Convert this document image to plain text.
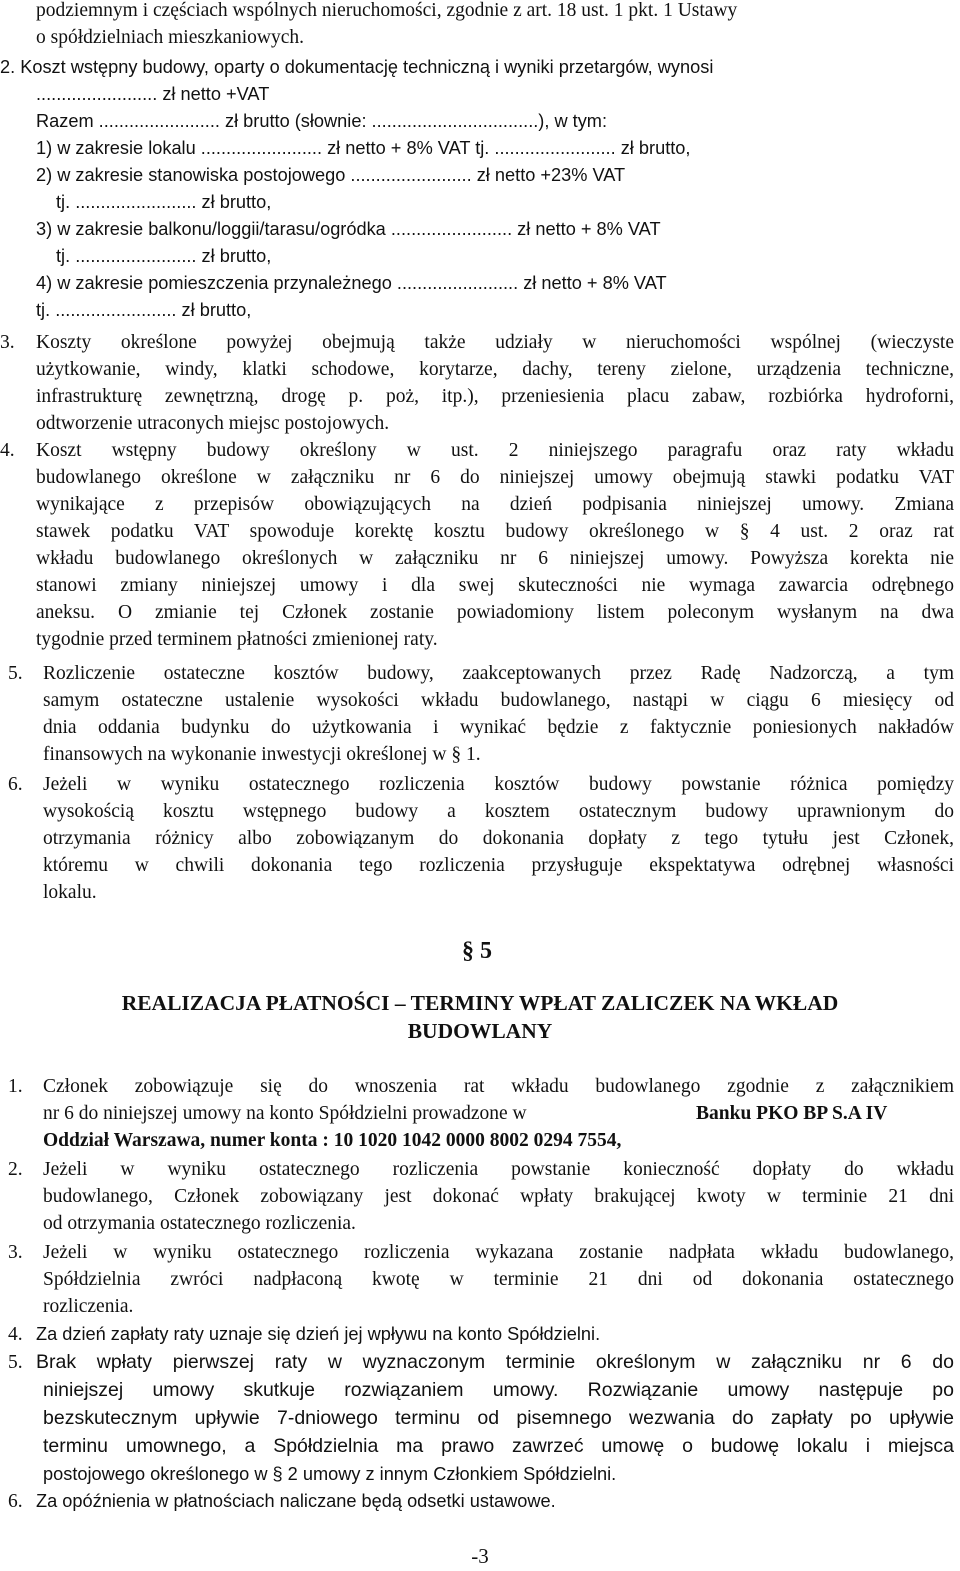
podziemnym i częściach wspólnych nieruchomości, zgodnie z art. 18 ust. 1 pkt. 1 Ustawy
o spółdzielniach mieszkaniowych.
2. Koszt wstępny budowy, oparty o dokumentację techniczną i wyniki przetargów, wynosi
........................ zł netto +VAT
Razem ........................ zł brutto (słownie: .................................), w tym:
1) w zakresie lokalu ........................ zł netto + 8% VAT tj. ........................ zł brutto,
2) w zakresie stanowiska postojowego ........................ zł netto +23% VAT
tj. ........................ zł brutto,
3) w zakresie balkonu/loggii/tarasu/ogródka ........................ zł netto + 8% VAT
tj. ........................ zł brutto,
4) w zakresie pomieszczenia przynależnego ........................ zł netto + 8% VAT
tj. ........................ zł brutto,
3. Koszty określone powyżej obejmują także udziały w nieruchomości wspólnej (wieczyste
użytkowanie, windy, klatki schodowe, korytarze, dachy, tereny zielone, urządzenia techniczne,
infrastrukturę zewnętrzną, drogę p. poż, itp.), przeniesienia placu zabaw, rozbiórka hydroforni,
odtworzenie utraconych miejsc postojowych.
4. Koszt wstępny budowy określony w ust. 2 niniejszego paragrafu oraz raty wkładu
budowlanego określone w załączniku nr 6 do niniejszej umowy obejmują stawki podatku VAT
wynikające z przepisów obowiązujących na dzień podpisania niniejszej umowy. Zmiana
stawek podatku VAT spowoduje korektę kosztu budowy określonego w § 4 ust. 2 oraz rat
wkładu budowlanego określonych w załączniku nr 6 niniejszej umowy. Powyższa korekta nie
stanowi zmiany niniejszej umowy i dla swej skuteczności nie wymaga zawarcia odrębnego
aneksu. O zmianie tej Członek zostanie powiadomiony listem poleconym wysłanym na dwa
tygodnie przed terminem płatności zmienionej raty.
5. Rozliczenie ostateczne kosztów budowy, zaakceptowanych przez Radę Nadzorczą, a tym
samym ostateczne ustalenie wysokości wkładu budowlanego, nastąpi w ciągu 6 miesięcy od
dnia oddania budynku do użytkowania i wynikać będzie z faktycznie poniesionych nakładów
finansowych na wykonanie inwestycji określonej w § 1.
6. Jeżeli w wyniku ostatecznego rozliczenia kosztów budowy powstanie różnica pomiędzy
wysokością kosztu wstępnego budowy a kosztem ostatecznym budowy uprawnionym do
otrzymania różnicy albo zobowiązanym do dokonania dopłaty z tego tytułu jest Członek,
któremu w chwili dokonania tego rozliczenia przysługuje ekspektatywa odrębnej własności
lokalu.
§ 5
REALIZACJA PŁATNOŚCI – TERMINY WPŁAT ZALICZEK NA WKŁAD
BUDOWLANY
1. Członek zobowiązuje się do wnoszenia rat wkładu budowlanego zgodnie z załącznikiem
nr 6 do niniejszej umowy na konto Spółdzielni prowadzone w	Banku PKO BP S.A IV
Oddział Warszawa, numer konta : 10 1020 1042 0000 8002 0294 7554,
2. Jeżeli w wyniku ostatecznego rozliczenia powstanie konieczność dopłaty do wkładu
budowlanego, Członek zobowiązany jest dokonać wpłaty brakującej kwoty w terminie 21 dni
od otrzymania ostatecznego rozliczenia.
3. Jeżeli w wyniku ostatecznego rozliczenia wykazana zostanie nadpłata wkładu budowlanego,
Spółdzielnia zwróci nadpłaconą kwotę w terminie 21 dni od dokonania ostatecznego
rozliczenia.
4. Za dzień zapłaty raty uznaje się dzień jej wpływu na konto Spółdzielni.
5. Brak wpłaty pierwszej raty w wyznaczonym terminie określonym w załączniku nr 6 do
niniejszej umowy skutkuje rozwiązaniem umowy. Rozwiązanie umowy następuje po
bezskutecznym upływie 7-dniowego terminu od pisemnego wezwania do zapłaty po upływie
terminu umownego, a Spółdzielnia ma prawo zawrzeć umowę o budowę lokalu i miejsca
postojowego określonego w § 2 umowy z innym Członkiem Spółdzielni.
6. Za opóźnienia w płatnościach naliczane będą odsetki ustawowe.
-3
